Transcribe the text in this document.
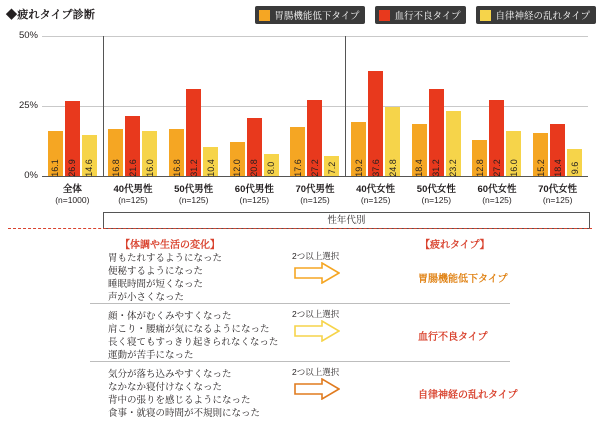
◆疲れタイプ診断	胃腸機能低下タイプ	血行不良タイプ	自律神経の乱れタイプ
16.1 26.9 14.6 16.8 21.6 16.0 16.8 31.2 10.4 12.0 20.8 8.0 17.6 27.2 7.2 19.2 37.6 24.8 18.4 31.2 23.2 12.8 27.2 16.0 15.2 18.4 9.6
全体
(n=1000)
40代男性
(n=125)
50代男性
(n=125)
60代男性
(n=125)
70代男性
(n=125)
40代女性
(n=125)
50代女性
(n=125)
60代女性
(n=125)
70代女性
(n=125)
性年代別
0%
25%
50%
【体調や生活の変化】	【疲れタイプ】
胃もたれするようになった
便秘するようになった
睡眠時間が短くなった
声が小さくなった
2つ以上選択
胃腸機能低下タイプ
顔・体がむくみやすくなった
肩こり・腰痛が気になるようになった
長く寝てもすっきり起きられなくなった
運動が苦手になった
2つ以上選択
血行不良タイプ
気分が落ち込みやすくなった
なかなか寝付けなくなった
背中の張りを感じるようになった
食事・就寝の時間が不規則になった
2つ以上選択
自律神経の乱れタイプ
